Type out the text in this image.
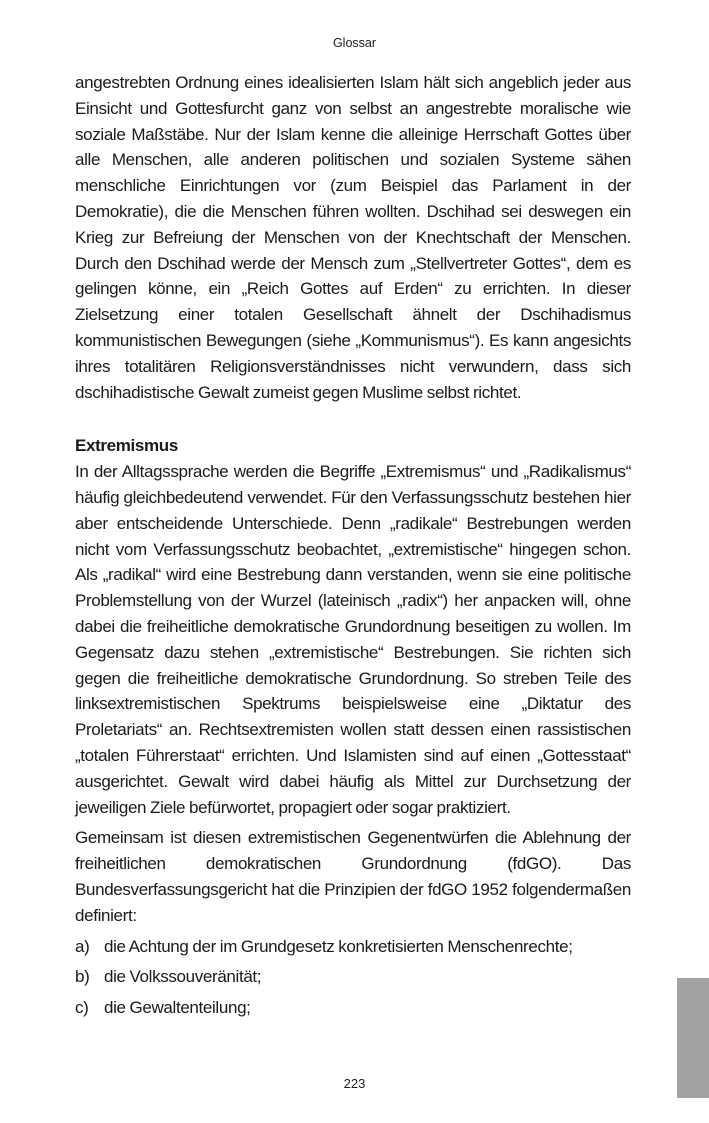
Glossar

angestrebten Ordnung eines idealisierten Islam hält sich angeblich jeder aus Einsicht und Gottesfurcht ganz von selbst an angestrebte moralische wie soziale Maßstäbe. Nur der Islam kenne die alleinige Herrschaft Gottes über alle Menschen, alle anderen politischen und sozialen Systeme sähen menschliche Einrichtungen vor (zum Beispiel das Parlament in der Demokratie), die die Menschen führen wollten. Dschihad sei deswegen ein Krieg zur Befreiung der Menschen von der Knechtschaft der Menschen. Durch den Dschihad werde der Mensch zum „Stellvertreter Gottes“, dem es gelingen könne, ein „Reich Gottes auf Erden“ zu errichten. In dieser Zielsetzung einer totalen Gesellschaft ähnelt der Dschihadismus kommunistischen Bewegungen (siehe „Kommunismus“). Es kann angesichts ihres totalitären Religionsverständnisses nicht verwundern, dass sich dschihadistische Gewalt zumeist gegen Muslime selbst richtet.

Extremismus

In der Alltagssprache werden die Begriffe „Extremismus“ und „Radikalismus“ häufig gleichbedeutend verwendet. Für den Verfassungsschutz bestehen hier aber entscheidende Unterschiede. Denn „radikale“ Bestrebungen werden nicht vom Verfassungsschutz beobachtet, „extremistische“ hingegen schon. Als „radikal“ wird eine Bestrebung dann verstanden, wenn sie eine politische Problemstellung von der Wurzel (lateinisch „radix“) her anpacken will, ohne dabei die freiheitliche demokratische Grundordnung beseitigen zu wollen. Im Gegensatz dazu stehen „extremistische“ Bestrebungen. Sie richten sich gegen die freiheitliche demokratische Grundordnung. So streben Teile des linksextremistischen Spektrums beispielsweise eine „Diktatur des Proletariats“ an. Rechtsextremisten wollen statt dessen einen rassistischen „totalen Führerstaat“ errichten. Und Islamisten sind auf einen „Gottesstaat“ ausgerichtet. Gewalt wird dabei häufig als Mittel zur Durchsetzung der jeweiligen Ziele befürwortet, propagiert oder sogar praktiziert.

Gemeinsam ist diesen extremistischen Gegenentwürfen die Ablehnung der freiheitlichen demokratischen Grundordnung (fdGO). Das Bundesverfassungsgericht hat die Prinzipien der fdGO 1952 folgendermaßen definiert:

a) die Achtung der im Grundgesetz konkretisierten Menschenrechte;
b) die Volkssouveränität;
c) die Gewaltenteilung;
223
